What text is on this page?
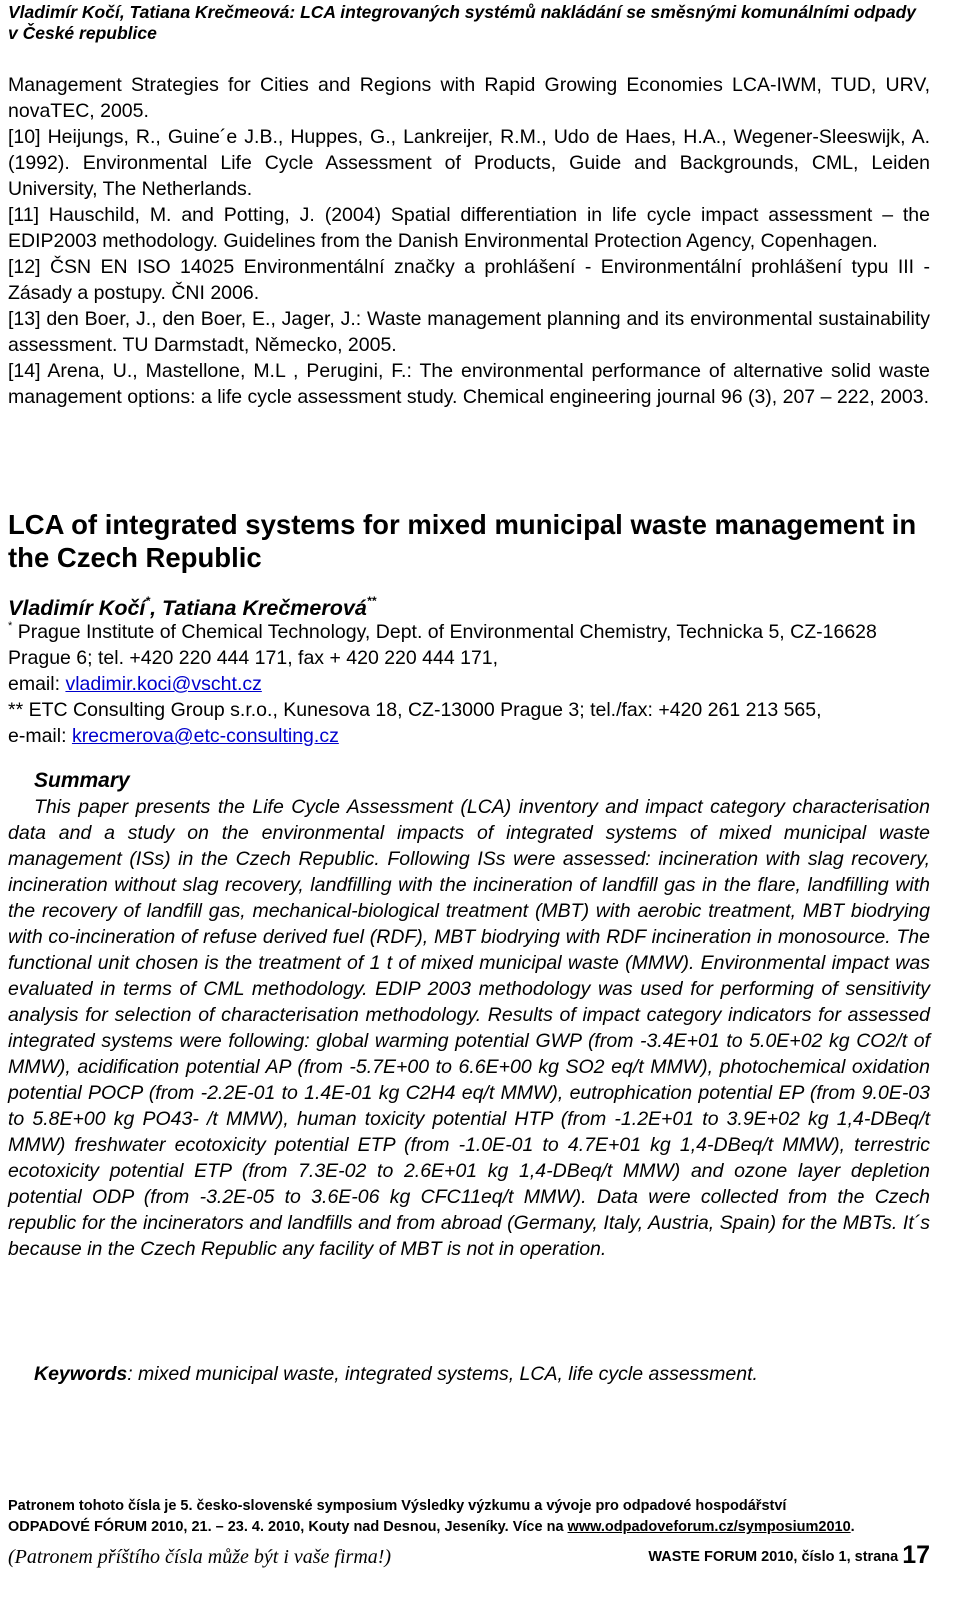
Vladimír Kočí, Tatiana Krečmeová: LCA integrovaných systémů nakládání se směsnými komunálními odpady v České republice

Management Strategies for Cities and Regions with Rapid Growing Economies LCA-IWM, TUD, URV, novaTEC, 2005.

[10] Heijungs, R., Guine´e J.B., Huppes, G., Lankreijer, R.M., Udo de Haes, H.A., Wegener-Sleeswijk, A.(1992). Environmental Life Cycle Assessment of Products, Guide and Backgrounds, CML, Leiden University, The Netherlands.

[11] Hauschild, M. and Potting, J. (2004) Spatial differentiation in life cycle impact assessment – the EDIP2003 methodology. Guidelines from the Danish Environmental Protection Agency, Copenhagen.

[12] ČSN EN ISO 14025 Environmentální značky a prohlášení - Environmentální prohlášení typu III - Zásady a postupy. ČNI 2006.

[13] den Boer, J., den Boer, E., Jager, J.: Waste management planning and its environmental sustainability assessment. TU Darmstadt, Německo, 2005.

[14] Arena, U., Mastellone, M.L , Perugini, F.: The environmental performance of alternative solid waste management options: a life cycle assessment study. Chemical engineering journal 96 (3), 207 – 222, 2003.

LCA of integrated systems for mixed municipal waste management in the Czech Republic
Vladimír Kočí*, Tatiana Krečmerová**

* Prague Institute of Chemical Technology, Dept. of Environmental Chemistry, Technicka 5, CZ-16628 Prague 6; tel. +420 220 444 171, fax + 420 220 444 171,

email: vladimir.koci@vscht.cz

** ETC Consulting Group s.r.o., Kunesova 18, CZ-13000 Prague 3; tel./fax: +420 261 213 565,

e-mail: krecmerova@etc-consulting.cz

Summary

This paper presents the Life Cycle Assessment (LCA) inventory and impact category characterisation data and a study on the environmental impacts of integrated systems of mixed municipal waste management (ISs) in the Czech Republic. Following ISs were assessed: incineration with slag recovery, incineration without slag recovery, landfilling with the incineration of landfill gas in the flare, landfilling with the recovery of landfill gas, mechanical-biological treatment (MBT) with aerobic treatment, MBT biodrying with co-incineration of refuse derived fuel (RDF), MBT biodrying with RDF incineration in monosource. The functional unit chosen is the treatment of 1 t of mixed municipal waste (MMW). Environmental impact was evaluated in terms of CML methodology. EDIP 2003 methodology was used for performing of sensitivity analysis for selection of characterisation methodology. Results of impact category indicators for assessed integrated systems were following: global warming potential GWP (from -3.4E+01 to 5.0E+02 kg CO2/t of MMW), acidification potential AP (from -5.7E+00 to 6.6E+00 kg SO2 eq/t MMW), photochemical oxidation potential POCP (from -2.2E-01 to 1.4E-01 kg C2H4 eq/t MMW), eutrophication potential EP (from 9.0E-03 to 5.8E+00 kg PO43- /t MMW), human toxicity potential HTP (from -1.2E+01 to 3.9E+02 kg 1,4-DBeq/t MMW) freshwater ecotoxicity potential ETP (from -1.0E-01 to 4.7E+01 kg 1,4-DBeq/t MMW), terrestric ecotoxicity potential ETP (from 7.3E-02 to 2.6E+01 kg 1,4-DBeq/t MMW) and ozone layer depletion potential ODP (from -3.2E-05 to 3.6E-06 kg CFC11eq/t MMW). Data were collected from the Czech republic for the incinerators and landfills and from abroad (Germany, Italy, Austria, Spain) for the MBTs. It´s because in the Czech Republic any facility of MBT is not in operation.

Keywords: mixed municipal waste, integrated systems, LCA, life cycle assessment.
Patronem tohoto čísla je 5. česko-slovenské symposium Výsledky výzkumu a vývoje pro odpadové hospodářství
ODPADOVÉ FÓRUM 2010, 21. – 23. 4. 2010, Kouty nad Desnou, Jeseníky. Více na www.odpadoveforum.cz/symposium2010.
(Patronem příštího čísla může být i vaše firma!)	WASTE FORUM 2010, číslo 1, strana 17
